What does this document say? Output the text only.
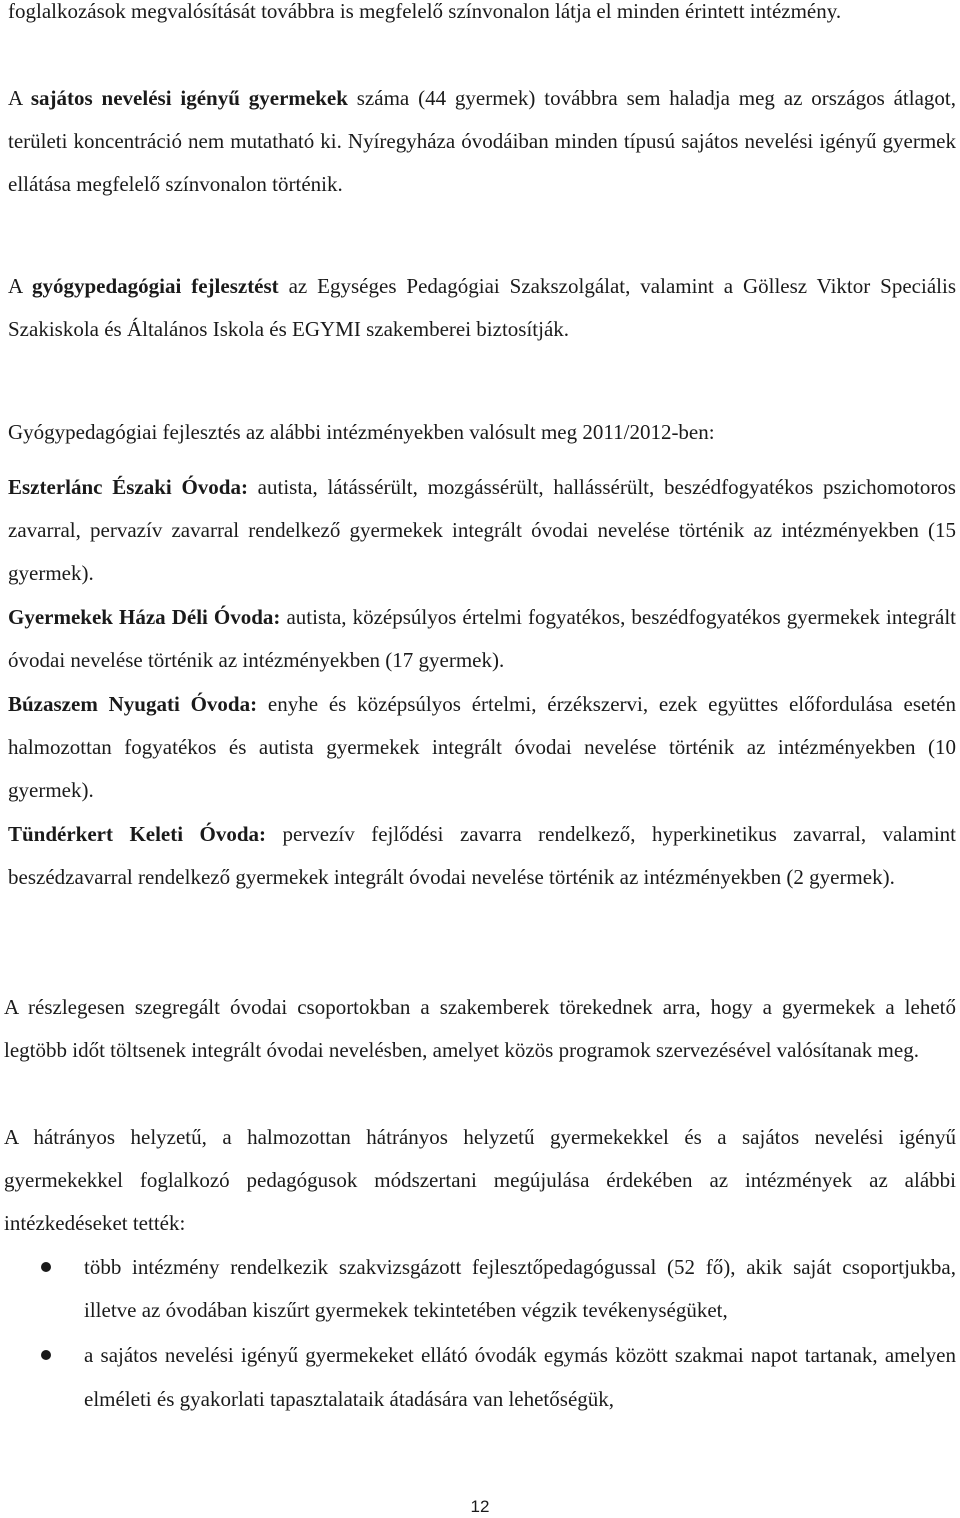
foglalkozások megvalósítását továbbra is megfelelő színvonalon látja el minden érintett intézmény.
A sajátos nevelési igényű gyermekek száma (44 gyermek) továbbra sem haladja meg az országos átlagot, területi koncentráció nem mutatható ki. Nyíregyháza óvodáiban minden típusú sajátos nevelési igényű gyermek ellátása megfelelő színvonalon történik.
A gyógypedagógiai fejlesztést az Egységes Pedagógiai Szakszolgálat, valamint a Göllesz Viktor Speciális Szakiskola és Általános Iskola és EGYMI szakemberei biztosítják.
Gyógypedagógiai fejlesztés az alábbi intézményekben valósult meg 2011/2012-ben:
Eszterlánc Északi Óvoda: autista, látássérült, mozgássérült, hallássérült, beszédfogyatékos pszichomotoros zavarral, pervazív zavarral rendelkező gyermekek integrált óvodai nevelése történik az intézményekben (15 gyermek).
Gyermekek Háza Déli Óvoda: autista, középsúlyos értelmi fogyatékos, beszédfogyatékos gyermekek integrált óvodai nevelése történik az intézményekben (17 gyermek).
Búzaszem Nyugati Óvoda: enyhe és középsúlyos értelmi, érzékszervi, ezek együttes előfordulása esetén halmozottan fogyatékos és autista gyermekek integrált óvodai nevelése történik az intézményekben (10 gyermek).
Tündérkert Keleti Óvoda: pervezív fejlődési zavarra rendelkező, hyperkinetikus zavarral, valamint beszédzavarral rendelkező gyermekek integrált óvodai nevelése történik az intézményekben (2 gyermek).
A részlegesen szegregált óvodai csoportokban a szakemberek törekednek arra, hogy a gyermekek a lehető legtöbb időt töltsenek integrált óvodai nevelésben, amelyet közös programok szervezésével valósítanak meg.
A hátrányos helyzetű, a halmozottan hátrányos helyzetű gyermekekkel és a sajátos nevelési igényű gyermekekkel foglalkozó pedagógusok módszertani megújulása érdekében az intézmények az alábbi intézkedéseket tették:
több intézmény rendelkezik szakvizsgázott fejlesztőpedagógussal (52 fő), akik saját csoportjukba, illetve az óvodában kiszűrt gyermekek tekintetében végzik tevékenységüket,
a sajátos nevelési igényű gyermekeket ellátó óvodák egymás között szakmai napot tartanak, amelyen elméleti és gyakorlati tapasztalataik átadására van lehetőségük,
12
